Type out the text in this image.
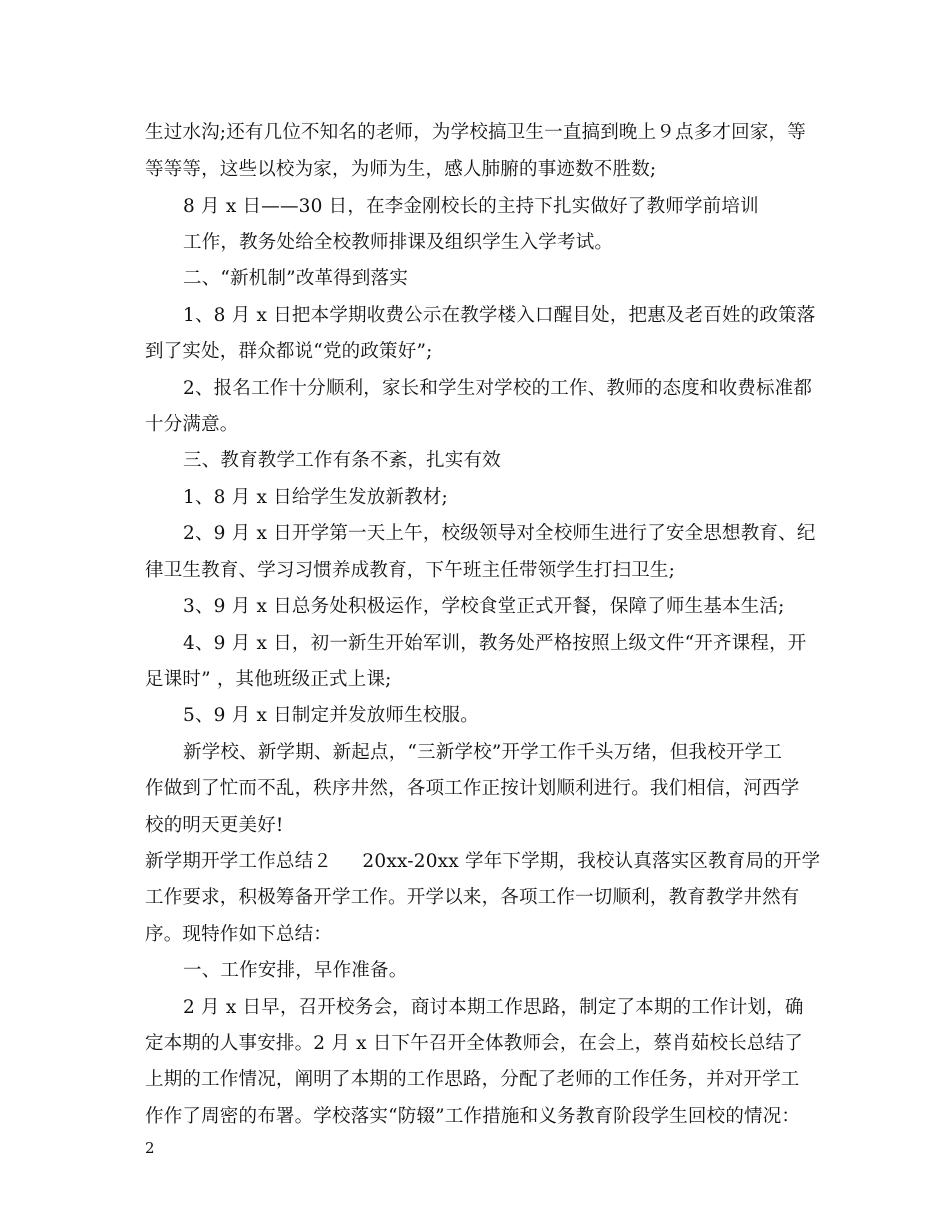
生过水沟;还有几位不知名的老师，为学校搞卫生一直搞到晚上９点多才回家，等
等等等，这些以校为家，为师为生，感人肺腑的事迹数不胜数;
8 月 x 日——30 日，在李金刚校长的主持下扎实做好了教师学前培训
工作，教务处给全校教师排课及组织学生入学考试。
二、“新机制”改革得到落实
1、8 月 x 日把本学期收费公示在教学楼入口醒目处，把惠及老百姓的政策落
到了实处，群众都说“党的政策好”;
2、报名工作十分顺利，家长和学生对学校的工作、教师的态度和收费标准都
十分满意。
三、教育教学工作有条不紊，扎实有效
1、8 月 x 日给学生发放新教材;
2、9 月 x 日开学第一天上午，校级领导对全校师生进行了安全思想教育、纪
律卫生教育、学习习惯养成教育，下午班主任带领学生打扫卫生;
3、9 月 x 日总务处积极运作，学校食堂正式开餐，保障了师生基本生活;
4、9 月 x 日，初一新生开始军训，教务处严格按照上级文件“开齐课程，开
足课时” ，其他班级正式上课;
5、9 月 x 日制定并发放师生校服。
新学校、新学期、新起点，“三新学校”开学工作千头万绪，但我校开学工
作做到了忙而不乱，秩序井然，各项工作正按计划顺利进行。我们相信，河西学
校的明天更美好!
新学期开学工作总结２     20xx-20xx 学年下学期，我校认真落实区教育局的开学
工作要求，积极筹备开学工作。开学以来，各项工作一切顺利，教育教学井然有
序。现特作如下总结：
一、工作安排，早作准备。
2 月 x 日早，召开校务会，商讨本期工作思路，制定了本期的工作计划，确
定本期的人事安排。2 月 x 日下午召开全体教师会，在会上，蔡肖茹校长总结了
上期的工作情况，阐明了本期的工作思路，分配了老师的工作任务，并对开学工
作作了周密的布署。学校落实“防辍”工作措施和义务教育阶段学生回校的情况：
2
